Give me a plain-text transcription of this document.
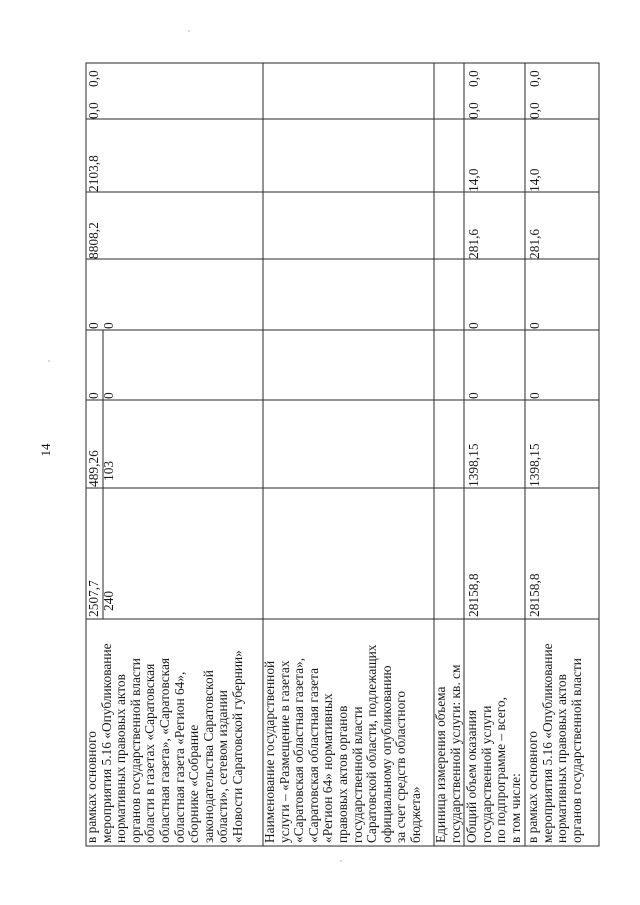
14
в рамках основного мероприятия 5.16 «Опубликование нормативных правовых актов органов государственной власти области в газетах «Саратовская областная газета», «Саратовская областная газета «Регион 64», сборнике «Собрание законодательства Саратовской области», сетевом издании «Новости Саратовской губернии»
2507,7
489,26
0
0
8808,2
2103,8
0,0
0,0
240
103
0
0
Наименование государственной услуги – «Размещение в газетах «Саратовская областная газета», «Саратовская областная газета «Регион 64» нормативных правовых актов органов государственной власти Саратовской области, подлежащих официальному опубликованию за счет средств областного бюджета» Единица измерения объема государственной услуги: кв. см Общий объем оказания государственной услуги по подпрограмме – всего, в том числе:
28158,8
1398,15
0
0
281,6
14,0
0,0
0,0
в рамках основного мероприятия 5.16 «Опубликование нормативных правовых актов органов государственной власти
28158,8
1398,15
0
0
281,6
14,0
0,0
0,0
